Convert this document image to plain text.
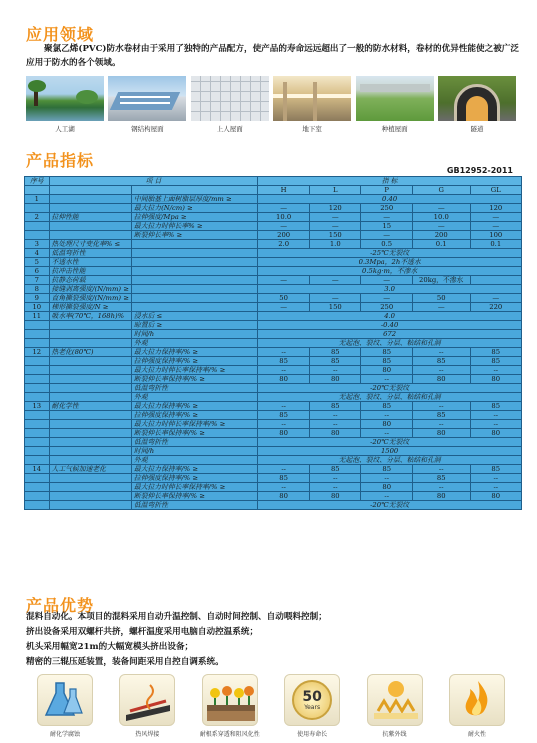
应用领域
聚氯乙烯(PVC)防水卷材由于采用了独特的产品配方，使产品的寿命远远超出了一般的防水材料，卷材的优异性能使之被广泛应用于防水的各个领域。
人工湖	钢结构屋面	上人屋面	地下室	种植屋面	隧道
产品指标
GB12952-2011
序号	项 目		指 标				
			H	L	P	G	GL
1		中间胎基上面树脂层厚度/mm ≥	0.40				
		最大拉力(N/cm) ≥	—	120	250	—	120
2	拉伸性能	拉伸强度/Mpa ≥	10.0	—	—	10.0	—
		最大拉力时伸长率% ≥	—	—	15	—	—
		断裂伸长率% ≥	200	150	—	200	100
3	热处理尺寸变化率% ≤		2.0	1.0	0.5	0.1	0.1
4	低温弯折性		-25℃无裂纹				
5	不透水性		0.3Mpa，2h不透水				
6	抗冲击性能		0.5kg·m，不渗水				
7	抗静态荷载		—	—	—	20kg，不渗水	
8	接缝剥离强度/(N/mm) ≥		3.0				
9	直角撕裂强度/(N/mm) ≥		50	—	—	50	—
10	梯形撕裂强度/N ≥		—	150	250	—	220
11	吸水率(70℃，168h)%	浸水后 ≤	4.0				
		晾置后 ≥	-0.40				
		时间/h	672				
		外观	无起泡、裂纹、分层、粘结和孔洞				
12	热老化(80℃)	最大拉力保持率/% ≥	--	85	85	--	85
		拉伸强度保持率/% ≥	85	85	85	85	85
		最大拉力时伸长率保持率/% ≥	--	--	80	--	--
		断裂伸长率保持率/% ≥	80	80	--	80	80
		低温弯折性	-20℃无裂纹				
		外观	无起泡、裂纹、分层、粘结和孔洞				
13	耐化学性	最大拉力保持率/% ≥	--	85	85	--	85
		拉伸强度保持率/% ≥	85	--	--	85	--
		最大拉力时伸长率保持率/% ≥	--	--	80	--	--
		断裂伸长率保持率/% ≥	80	80	--	80	80
		低温弯折性	-20℃无裂纹				
		时间/h	1500				
		外观	无起泡、裂纹、分层、粘结和孔洞				
14	人工气候加速老化	最大拉力保持率/% ≥	--	85	85	--	85
		拉伸强度保持率/% ≥	85	--	--	85	--
		最大拉力时伸长率保持率/% ≥	--	--	80	--	--
		断裂伸长率保持率/% ≥	80	80	--	80	80
		低温弯折性	-20℃无裂纹				
产品优势
混料自动化。本项目的混料采用自动升温控制、自动时间控制、自动喂料控制；
挤出设备采用双螺杆共挤，螺杆温度采用电脑自动控温系统；
机头采用幅宽21m的大幅宽模头挤出设备；
精密的三辊压延装置，装备间距采用自控自调系统。
耐化学腐蚀	热风焊接	耐根系穿透和阻风化性
50
Years
使用寿命长	抗紫外线	耐火性
